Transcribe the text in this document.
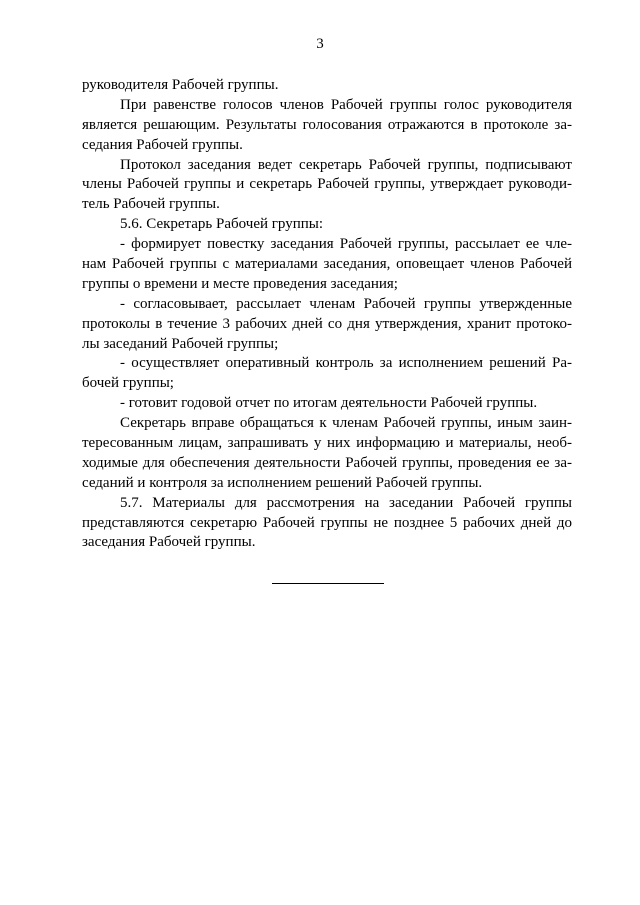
3
руководителя Рабочей группы.
При равенстве голосов членов Рабочей группы голос руководителя
является решающим. Результаты голосования отражаются в протоколе за-
седания Рабочей группы.
Протокол заседания ведет секретарь Рабочей группы, подписывают
члены Рабочей группы и секретарь Рабочей группы, утверждает руководи-
тель Рабочей группы.
5.6. Секретарь Рабочей группы:
- формирует повестку заседания Рабочей группы, рассылает ее чле-
нам Рабочей группы с материалами заседания, оповещает членов Рабочей
группы о времени и месте проведения заседания;
- согласовывает, рассылает членам Рабочей группы утвержденные
протоколы в течение 3 рабочих дней со дня утверждения, хранит протоко-
лы заседаний Рабочей группы;
- осуществляет оперативный контроль за исполнением решений Ра-
бочей группы;
- готовит годовой отчет по итогам деятельности Рабочей группы.
Секретарь вправе обращаться к членам Рабочей группы, иным заин-
тересованным лицам, запрашивать у них информацию и материалы, необ-
ходимые для обеспечения деятельности Рабочей группы, проведения ее за-
седаний и контроля за исполнением решений Рабочей группы.
5.7. Материалы для рассмотрения на заседании Рабочей группы
представляются секретарю Рабочей группы не позднее 5 рабочих дней до
заседания Рабочей группы.
